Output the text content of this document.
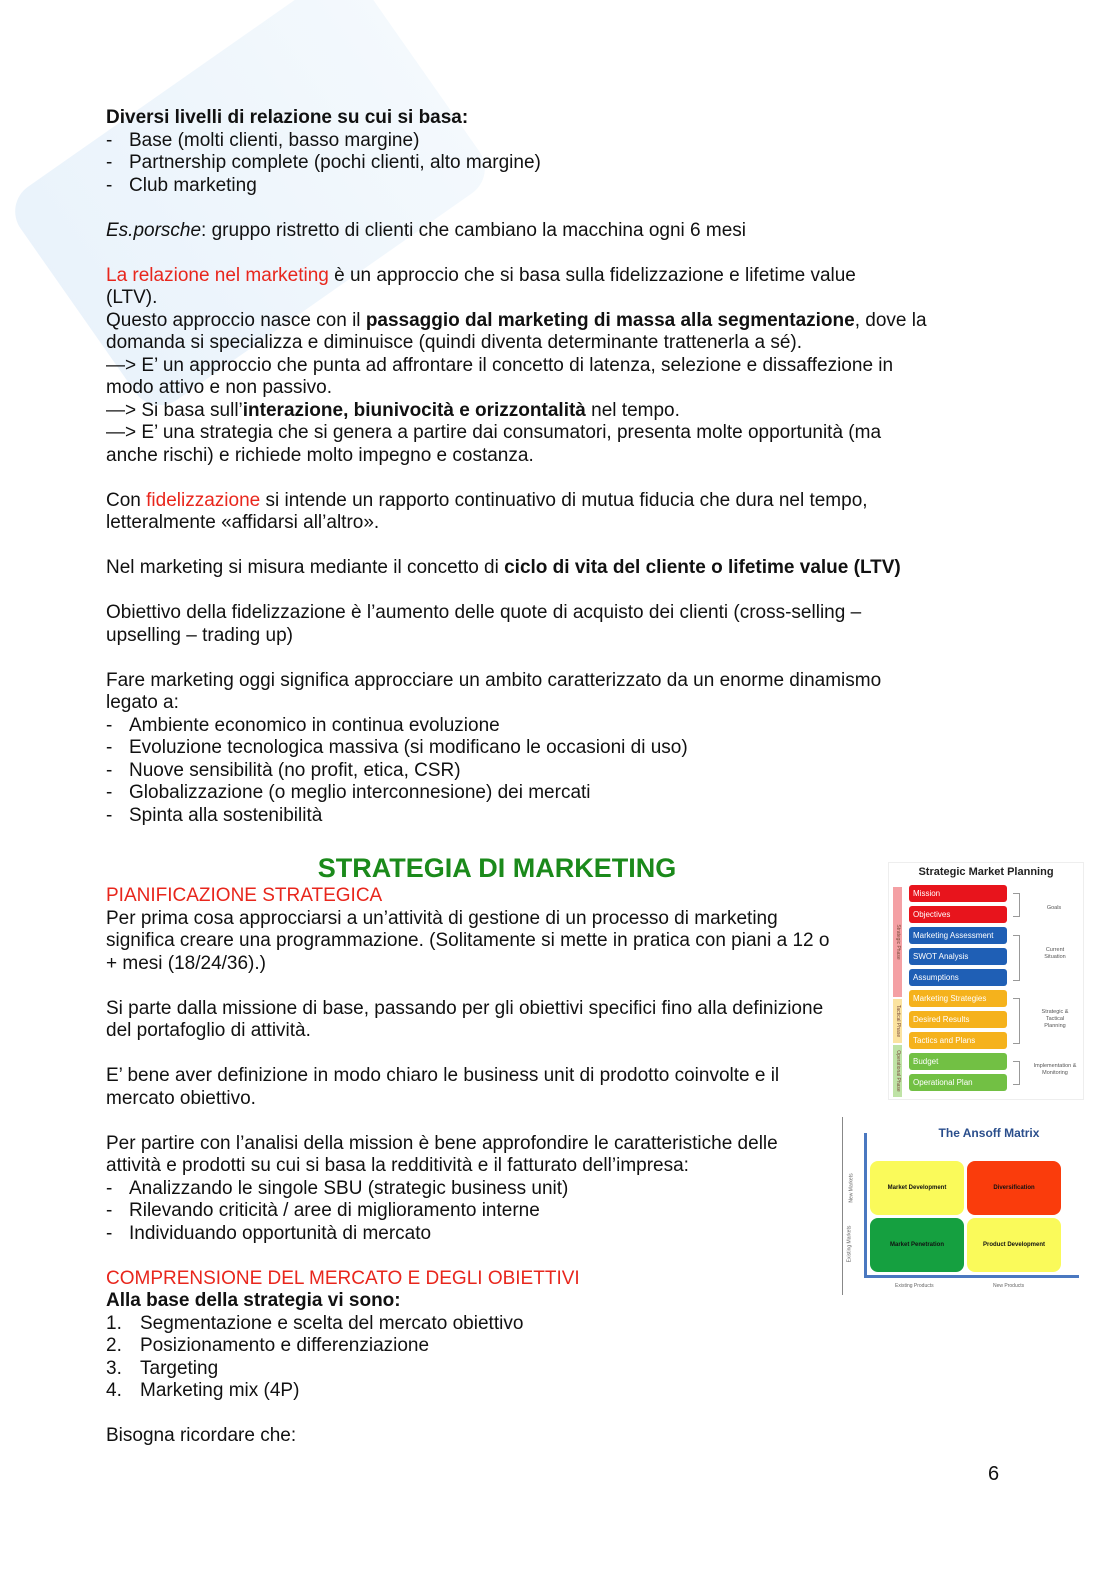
Diversi livelli di relazione su cui si basa:
- Base (molti clienti, basso margine)
- Partnership complete (pochi clienti, alto margine)
- Club marketing
Es.porsche: gruppo ristretto di clienti che cambiano la macchina ogni 6 mesi
La relazione nel marketing è un approccio che si basa sulla fidelizzazione e lifetime value
(LTV).
Questo approccio nasce con il passaggio dal marketing di massa alla segmentazione, dove la
domanda si specializza e diminuisce (quindi diventa determinante trattenerla a sé).
—> E’ un approccio che punta ad affrontare il concetto di latenza, selezione e dissaffezione in
modo attivo e non passivo.
—> Si basa sull’interazione, biunivocità e orizzontalità nel tempo.
—> E’ una strategia che si genera a partire dai consumatori, presenta molte opportunità (ma
anche rischi) e richiede molto impegno e costanza.
Con fidelizzazione si intende un rapporto continuativo di mutua fiducia che dura nel tempo,
letteralmente «affidarsi all’altro».
Nel marketing si misura mediante il concetto di ciclo di vita del cliente o lifetime value (LTV)
Obiettivo della fidelizzazione è l’aumento delle quote di acquisto dei clienti (cross-selling –
upselling – trading up)
Fare marketing oggi significa approcciare un ambito caratterizzato da un enorme dinamismo
legato a:
- Ambiente economico in continua evoluzione
- Evoluzione tecnologica massiva (si modificano le occasioni di uso)
- Nuove sensibilità (no profit, etica, CSR)
- Globalizzazione (o meglio interconnesione) dei mercati
- Spinta alla sostenibilità
STRATEGIA DI MARKETING
PIANIFICAZIONE STRATEGICA
Per prima cosa approcciarsi a un’attività di gestione di un processo di marketing
significa creare una programmazione. (Solitamente si mette in pratica con piani a 12 o
+ mesi (18/24/36).)
Si parte dalla missione di base, passando per gli obiettivi specifici fino alla definizione
del portafoglio di attività.
E’ bene aver definizione in modo chiaro le business unit di prodotto coinvolte e il
mercato obiettivo.
Per partire con l’analisi della mission è bene approfondire le caratteristiche delle
attività e prodotti su cui si basa la redditività e il fatturato dell’impresa:
- Analizzando le singole SBU (strategic business unit)
- Rilevando criticità / aree di miglioramento interne
- Individuando opportunità di mercato
COMPRENSIONE DEL MERCATO E DEGLI OBIETTIVI
Alla base della strategia vi sono:
1. Segmentazione e scelta del mercato obiettivo
2. Posizionamento e differenziazione
3. Targeting
4. Marketing mix (4P)
Bisogna ricordare che:
Strategic Market Planning
Strategic Phase
Tactical Phase
Operational Phase
Mission
Objectives
Marketing Assessment
SWOT Analysis
Assumptions
Marketing Strategies
Desired Results
Tactics and Plans
Budget
Operational Plan
Goals
Current Situation
Strategic & Tactical Planning
Implementation & Monitoring
The Ansoff Matrix
Market Development	Diversification
Market Penetration	Product Development
New Markets
Existing Markets
Existing Products	New Products
6
